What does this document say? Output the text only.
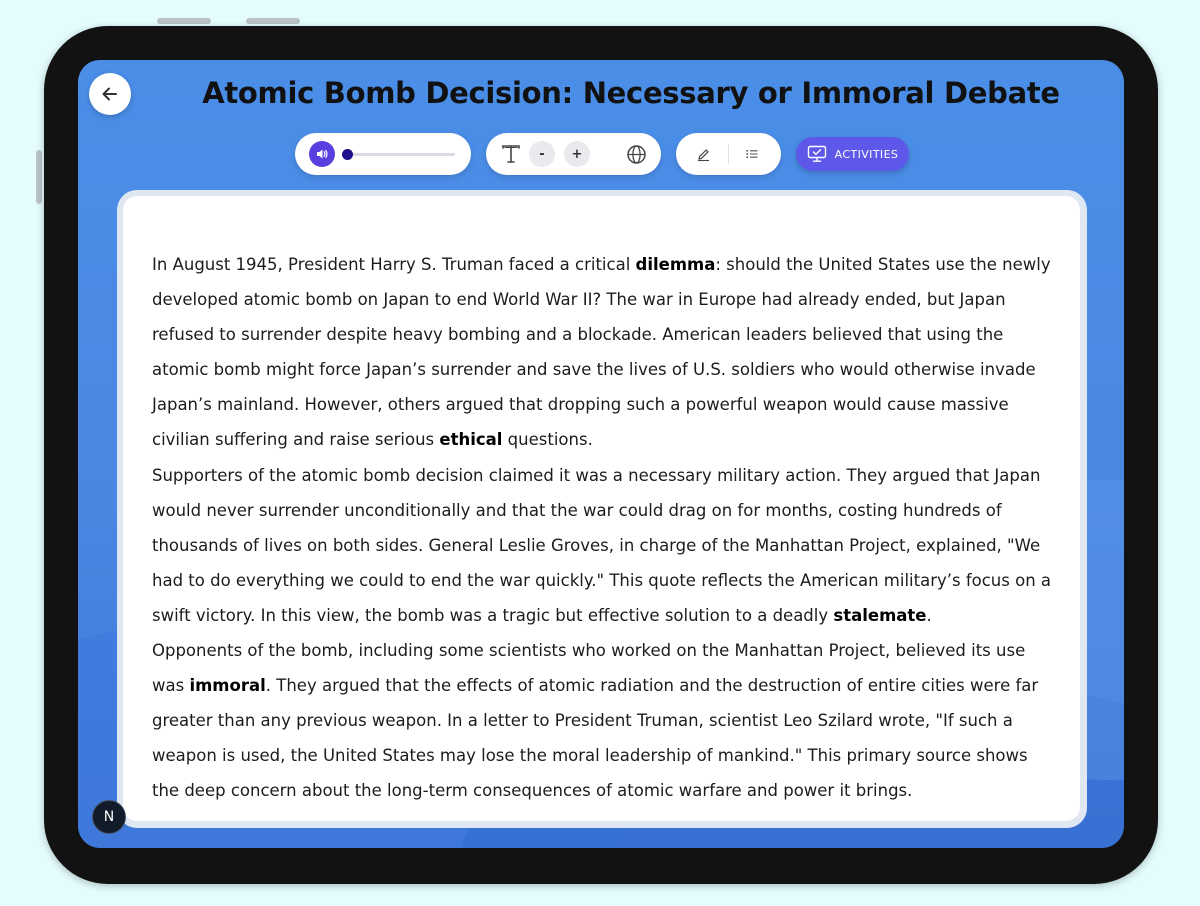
Atomic Bomb Decision: Necessary or Immoral Debate
-	+	ACTIVITIES

In August 1945, President Harry S. Truman faced a critical dilemma: should the United States use the newly developed atomic bomb on Japan to end World War II? The war in Europe had already ended, but Japan refused to surrender despite heavy bombing and a blockade. American leaders believed that using the atomic bomb might force Japan’s surrender and save the lives of U.S. soldiers who would otherwise invade Japan’s mainland. However, others argued that dropping such a powerful weapon would cause massive civilian suffering and raise serious ethical questions.

Supporters of the atomic bomb decision claimed it was a necessary military action. They argued that Japan would never surrender unconditionally and that the war could drag on for months, costing hundreds of thousands of lives on both sides. General Leslie Groves, in charge of the Manhattan Project, explained, "We had to do everything we could to end the war quickly." This quote reflects the American military’s focus on a swift victory. In this view, the bomb was a tragic but effective solution to a deadly stalemate.

Opponents of the bomb, including some scientists who worked on the Manhattan Project, believed its use was immoral. They argued that the effects of atomic radiation and the destruction of entire cities were far greater than any previous weapon. In a letter to President Truman, scientist Leo Szilard wrote, "If such a weapon is used, the United States may lose the moral leadership of mankind." This primary source shows the deep concern about the long-term consequences of atomic warfare and power it brings.

N
